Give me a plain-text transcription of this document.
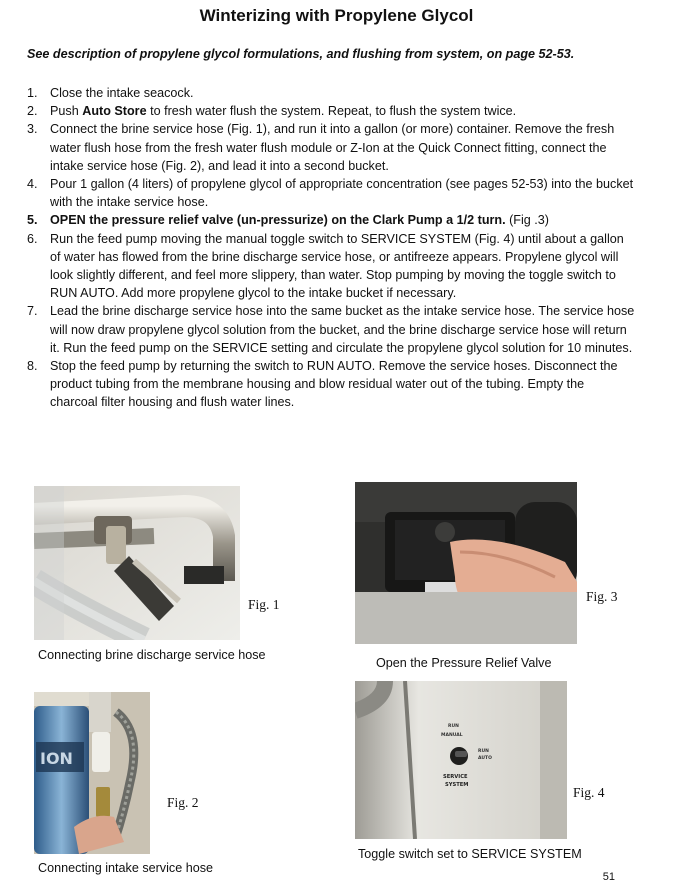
Winterizing with Propylene Glycol
See description of propylene glycol formulations, and flushing from system, on page 52-53.
1. Close the intake seacock.
2. Push Auto Store to fresh water flush the system. Repeat, to flush the system twice.
3. Connect the brine service hose (Fig. 1), and run it into a gallon (or more) container. Remove the fresh water flush hose from the fresh water flush module or Z-Ion at the Quick Connect fitting, connect the intake service hose (Fig. 2), and lead it into a second bucket.
4. Pour 1 gallon (4 liters) of propylene glycol of appropriate concentration (see pages 52-53) into the bucket with the intake service hose.
5. OPEN the pressure relief valve (un-pressurize) on the Clark Pump a 1/2 turn. (Fig .3)
6. Run the feed pump moving the manual toggle switch to SERVICE SYSTEM (Fig. 4) until about a gallon of water has flowed from the brine discharge service hose, or antifreeze appears. Propylene glycol will look slightly different, and feel more slippery, than water. Stop pumping by moving the toggle switch to RUN AUTO. Add more propylene glycol to the intake bucket if necessary.
7. Lead the brine discharge service hose into the same bucket as the intake service hose. The service hose will now draw propylene glycol solution from the bucket, and the brine discharge service hose will return it. Run the feed pump on the SERVICE setting and circulate the propylene glycol solution for 10 minutes.
8. Stop the feed pump by returning the switch to RUN AUTO. Remove the service hoses. Disconnect the product tubing from the membrane housing and blow residual water out of the tubing. Empty the charcoal filter housing and flush water lines.
Fig. 1
Connecting brine discharge service hose
ION
Fig. 2
Connecting intake service hose
Fig. 3
Open the Pressure Relief Valve
RUN
MANUAL
RUN
AUTO
SERVICE
SYSTEM	Fig. 4
Toggle switch set to SERVICE SYSTEM
51
